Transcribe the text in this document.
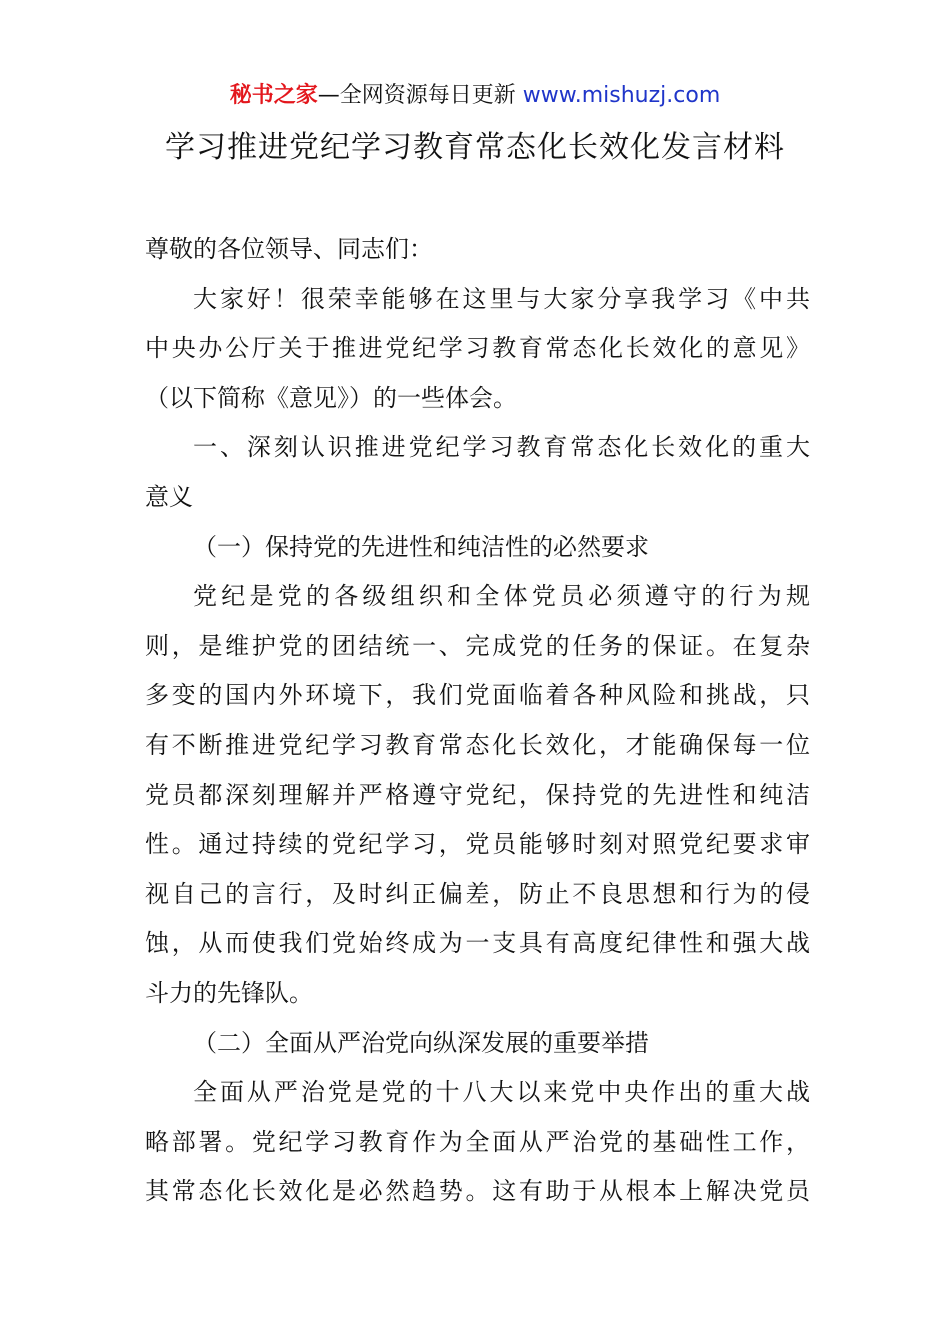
秘书之家—全网资源每日更新 www.mishuzj.com
学习推进党纪学习教育常态化长效化发言材料
尊敬的各位领导、同志们：
大家好！很荣幸能够在这里与大家分享我学习《中共
中央办公厅关于推进党纪学习教育常态化长效化的意见》
（以下简称《意见》）的一些体会。
一、深刻认识推进党纪学习教育常态化长效化的重大
意义
（一）保持党的先进性和纯洁性的必然要求
党纪是党的各级组织和全体党员必须遵守的行为规
则，是维护党的团结统一、完成党的任务的保证。在复杂
多变的国内外环境下，我们党面临着各种风险和挑战，只
有不断推进党纪学习教育常态化长效化，才能确保每一位
党员都深刻理解并严格遵守党纪，保持党的先进性和纯洁
性。通过持续的党纪学习，党员能够时刻对照党纪要求审
视自己的言行，及时纠正偏差，防止不良思想和行为的侵
蚀，从而使我们党始终成为一支具有高度纪律性和强大战
斗力的先锋队。
（二）全面从严治党向纵深发展的重要举措
全面从严治党是党的十八大以来党中央作出的重大战
略部署。党纪学习教育作为全面从严治党的基础性工作，
其常态化长效化是必然趋势。这有助于从根本上解决党员
